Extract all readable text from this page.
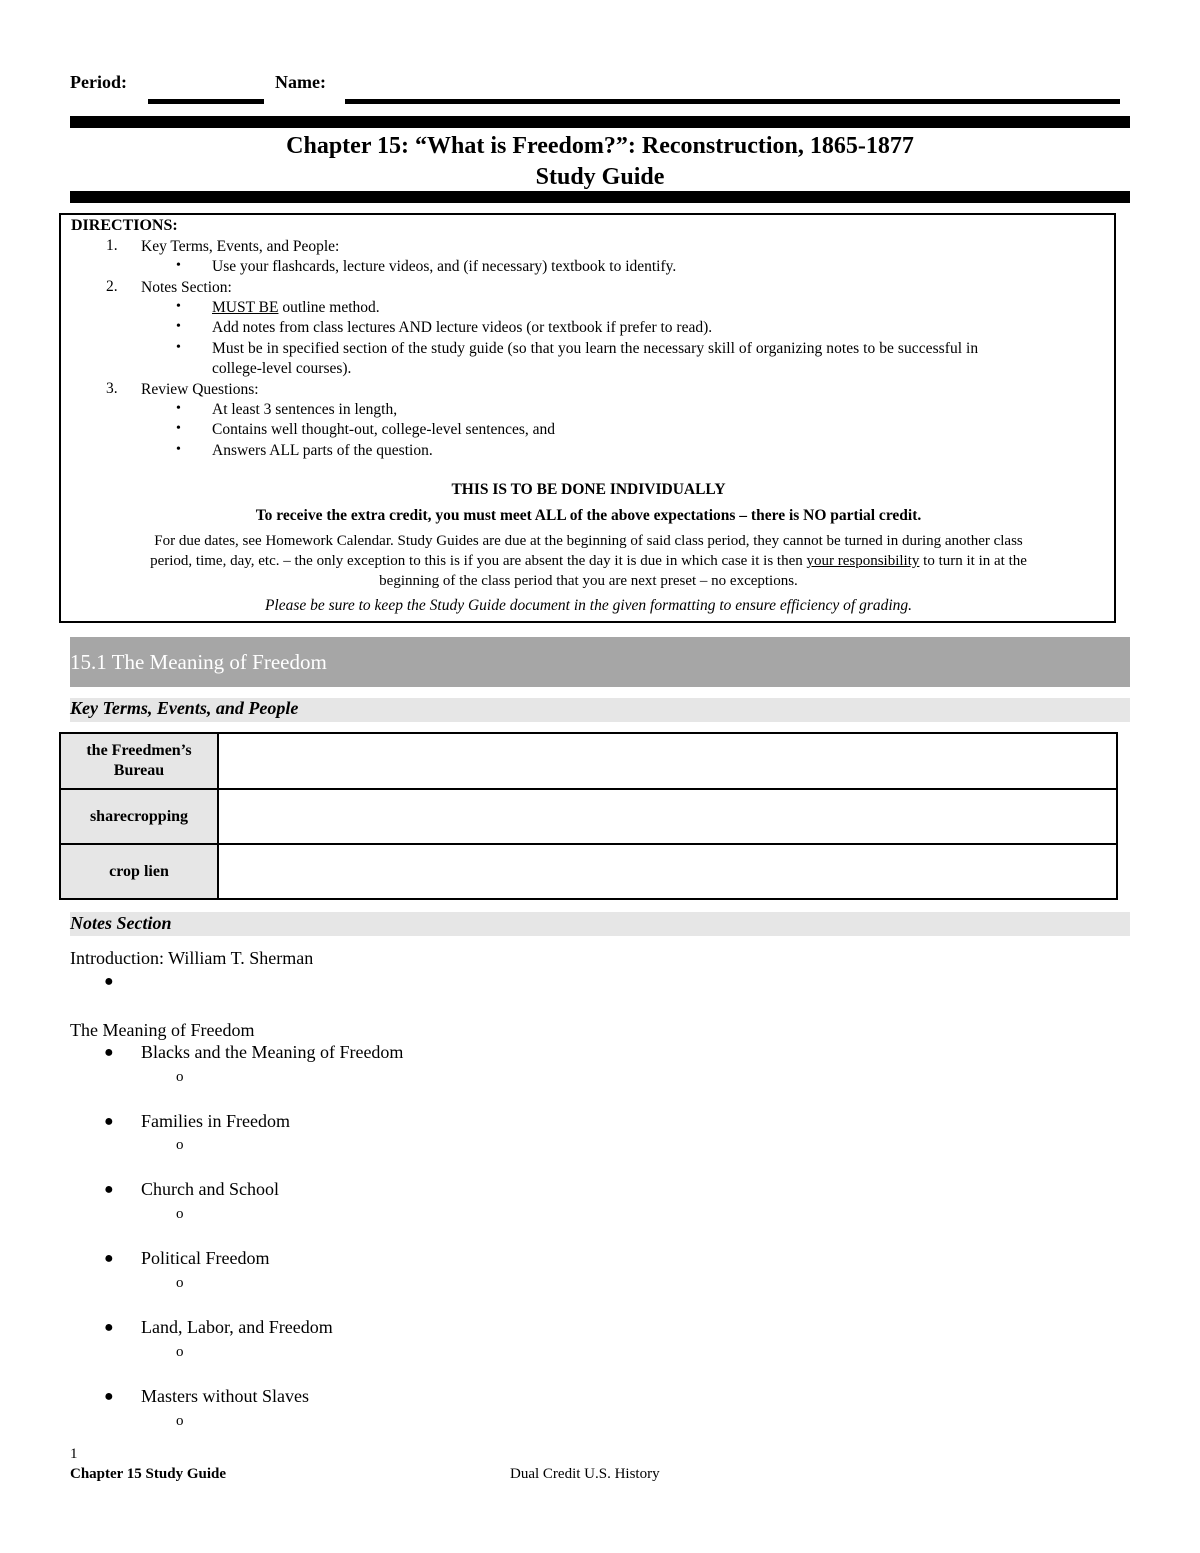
Period:	Name:
Chapter 15: “What is Freedom?”: Reconstruction, 1865-1877
Study Guide
DIRECTIONS:
1. Key Terms, Events, and People:
• Use your flashcards, lecture videos, and (if necessary) textbook to identify.
2. Notes Section:
• MUST BE outline method.
• Add notes from class lectures AND lecture videos (or textbook if prefer to read).
• Must be in specified section of the study guide (so that you learn the necessary skill of organizing notes to be successful in
college-level courses).
3. Review Questions:
• At least 3 sentences in length,
• Contains well thought-out, college-level sentences, and
• Answers ALL parts of the question.
THIS IS TO BE DONE INDIVIDUALLY
To receive the extra credit, you must meet ALL of the above expectations – there is NO partial credit.
For due dates, see Homework Calendar. Study Guides are due at the beginning of said class period, they cannot be turned in during another class
period, time, day, etc. – the only exception to this is if you are absent the day it is due in which case it is then your responsibility to turn it in at the
beginning of the class period that you are next preset – no exceptions.
Please be sure to keep the Study Guide document in the given formatting to ensure efficiency of grading.
15.1 The Meaning of Freedom
Key Terms, Events, and People
the Freedmen’s Bureau	
sharecropping	
crop lien	
Notes Section
Introduction: William T. Sherman
●
The Meaning of Freedom
● Blacks and the Meaning of Freedom
o
● Families in Freedom
o
● Church and School
o
● Political Freedom
o
● Land, Labor, and Freedom
o
● Masters without Slaves
o
1
Chapter 15 Study Guide	Dual Credit U.S. History
